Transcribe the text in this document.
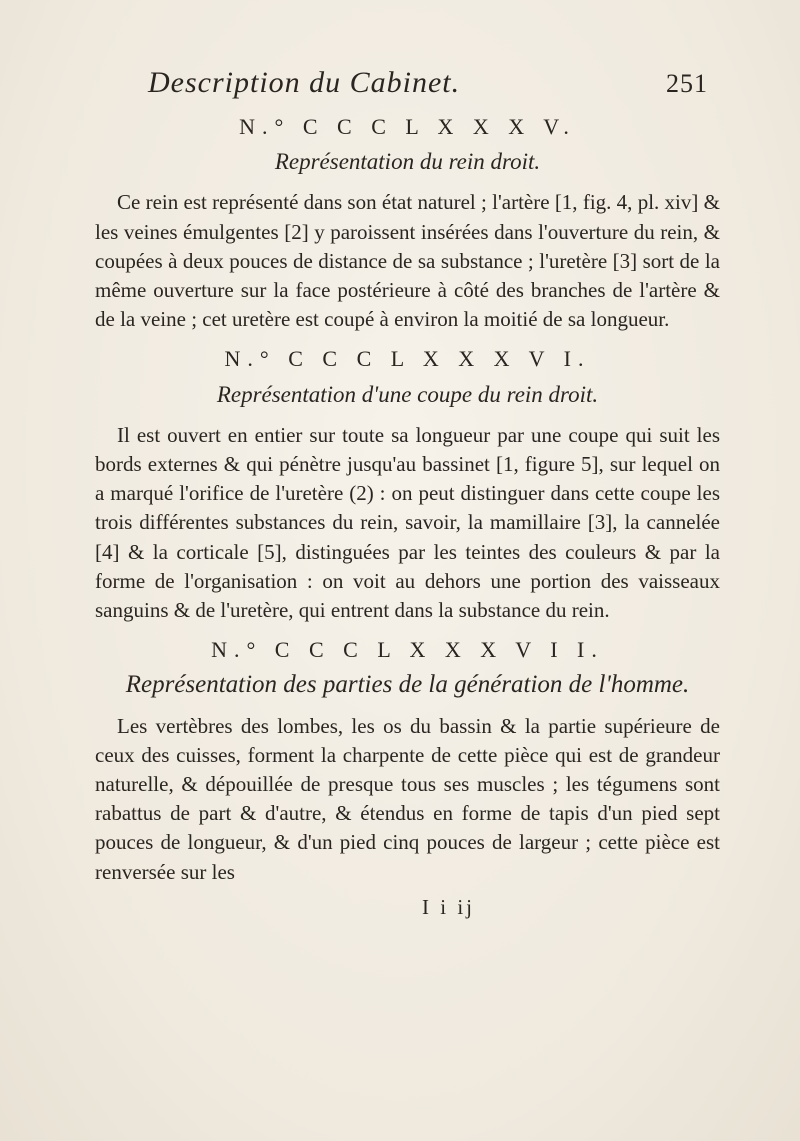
Description du Cabinet.	251
N.° C C C L X X X V.
Représentation du rein droit.

Ce rein est représenté dans son état naturel ; l'artère [1, fig. 4, pl. xiv] & les veines émulgentes [2] y paroissent insérées dans l'ouverture du rein, & coupées à deux pouces de distance de sa substance ; l'uretère [3] sort de la même ouverture sur la face postérieure à côté des branches de l'artère & de la veine ; cet uretère est coupé à environ la moitié de sa longueur.

N.° C C C L X X X V I.
Représentation d'une coupe du rein droit.

Il est ouvert en entier sur toute sa longueur par une coupe qui suit les bords externes & qui pénètre jusqu'au bassinet [1, figure 5], sur lequel on a marqué l'orifice de l'uretère (2) : on peut distinguer dans cette coupe les trois différentes substances du rein, savoir, la mamillaire [3], la cannelée [4] & la corticale [5], distinguées par les teintes des couleurs & par la forme de l'organisation : on voit au dehors une portion des vaisseaux sanguins & de l'uretère, qui entrent dans la substance du rein.

N.° C C C L X X X V I I.
Représentation des parties de la génération de l'homme.

Les vertèbres des lombes, les os du bassin & la partie supérieure de ceux des cuisses, forment la charpente de cette pièce qui est de grandeur naturelle, & dépouillée de presque tous ses muscles ; les tégumens sont rabattus de part & d'autre, & étendus en forme de tapis d'un pied sept pouces de longueur, & d'un pied cinq pouces de largeur ; cette pièce est renversée sur les

I i ij
